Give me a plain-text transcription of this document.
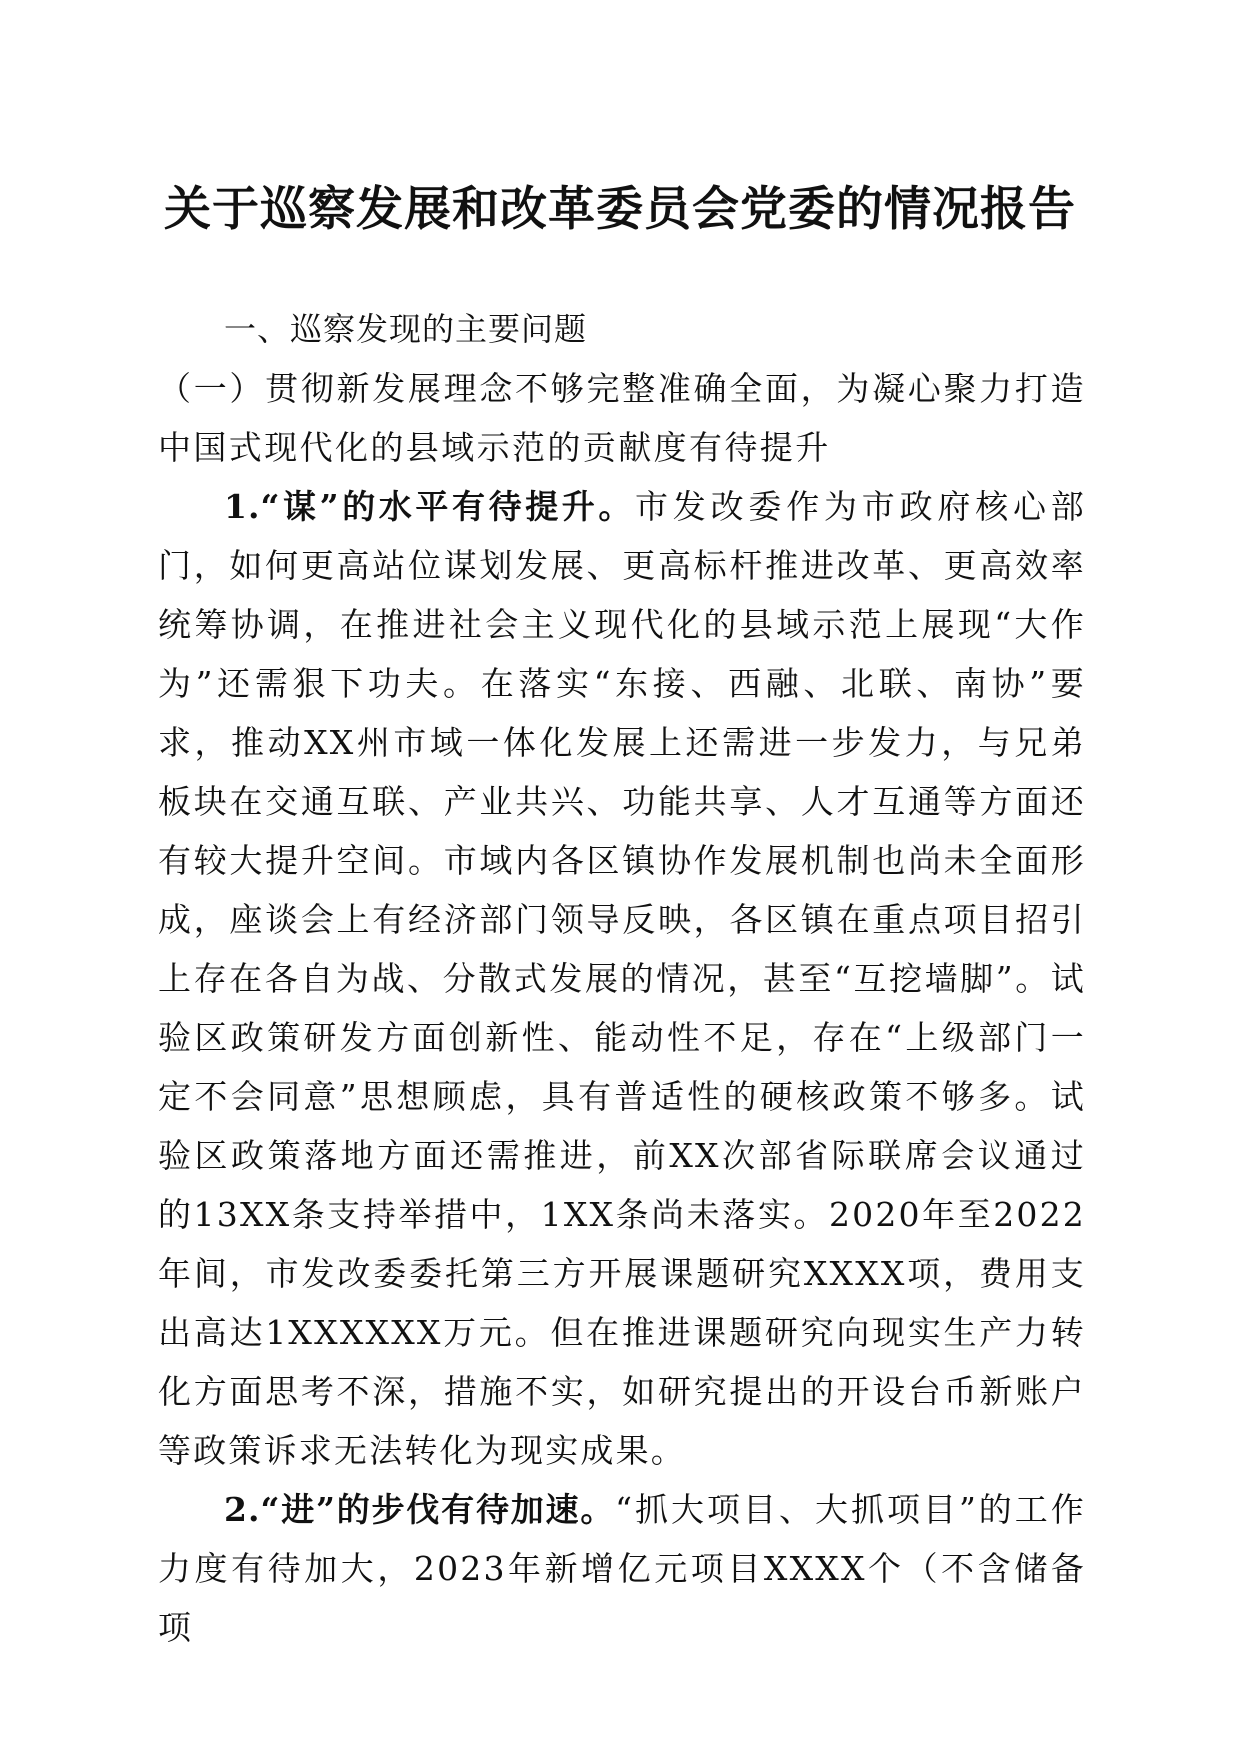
关于巡察发展和改革委员会党委的情况报告

一、巡察发现的主要问题

（一）贯彻新发展理念不够完整准确全面，为凝心聚力打造中国式现代化的县域示范的贡献度有待提升

1.“谋”的水平有待提升。市发改委作为市政府核心部门，如何更高站位谋划发展、更高标杆推进改革、更高效率统筹协调，在推进社会主义现代化的县域示范上展现“大作为”还需狠下功夫。在落实“东接、西融、北联、南协”要求，推动XX州市域一体化发展上还需进一步发力，与兄弟板块在交通互联、产业共兴、功能共享、人才互通等方面还有较大提升空间。市域内各区镇协作发展机制也尚未全面形成，座谈会上有经济部门领导反映，各区镇在重点项目招引上存在各自为战、分散式发展的情况，甚至“互挖墙脚”。试验区政策研发方面创新性、能动性不足，存在“上级部门一定不会同意”思想顾虑，具有普适性的硬核政策不够多。试验区政策落地方面还需推进，前XX次部省际联席会议通过的13XX条支持举措中，1XX条尚未落实。2020年至2022年间，市发改委委托第三方开展课题研究XXXX项，费用支出高达1XXXXXX万元。但在推进课题研究向现实生产力转化方面思考不深，措施不实，如研究提出的开设台币新账户等政策诉求无法转化为现实成果。

2.“进”的步伐有待加速。“抓大项目、大抓项目”的工作力度有待加大，2023年新增亿元项目XXXX个（不含储备项
